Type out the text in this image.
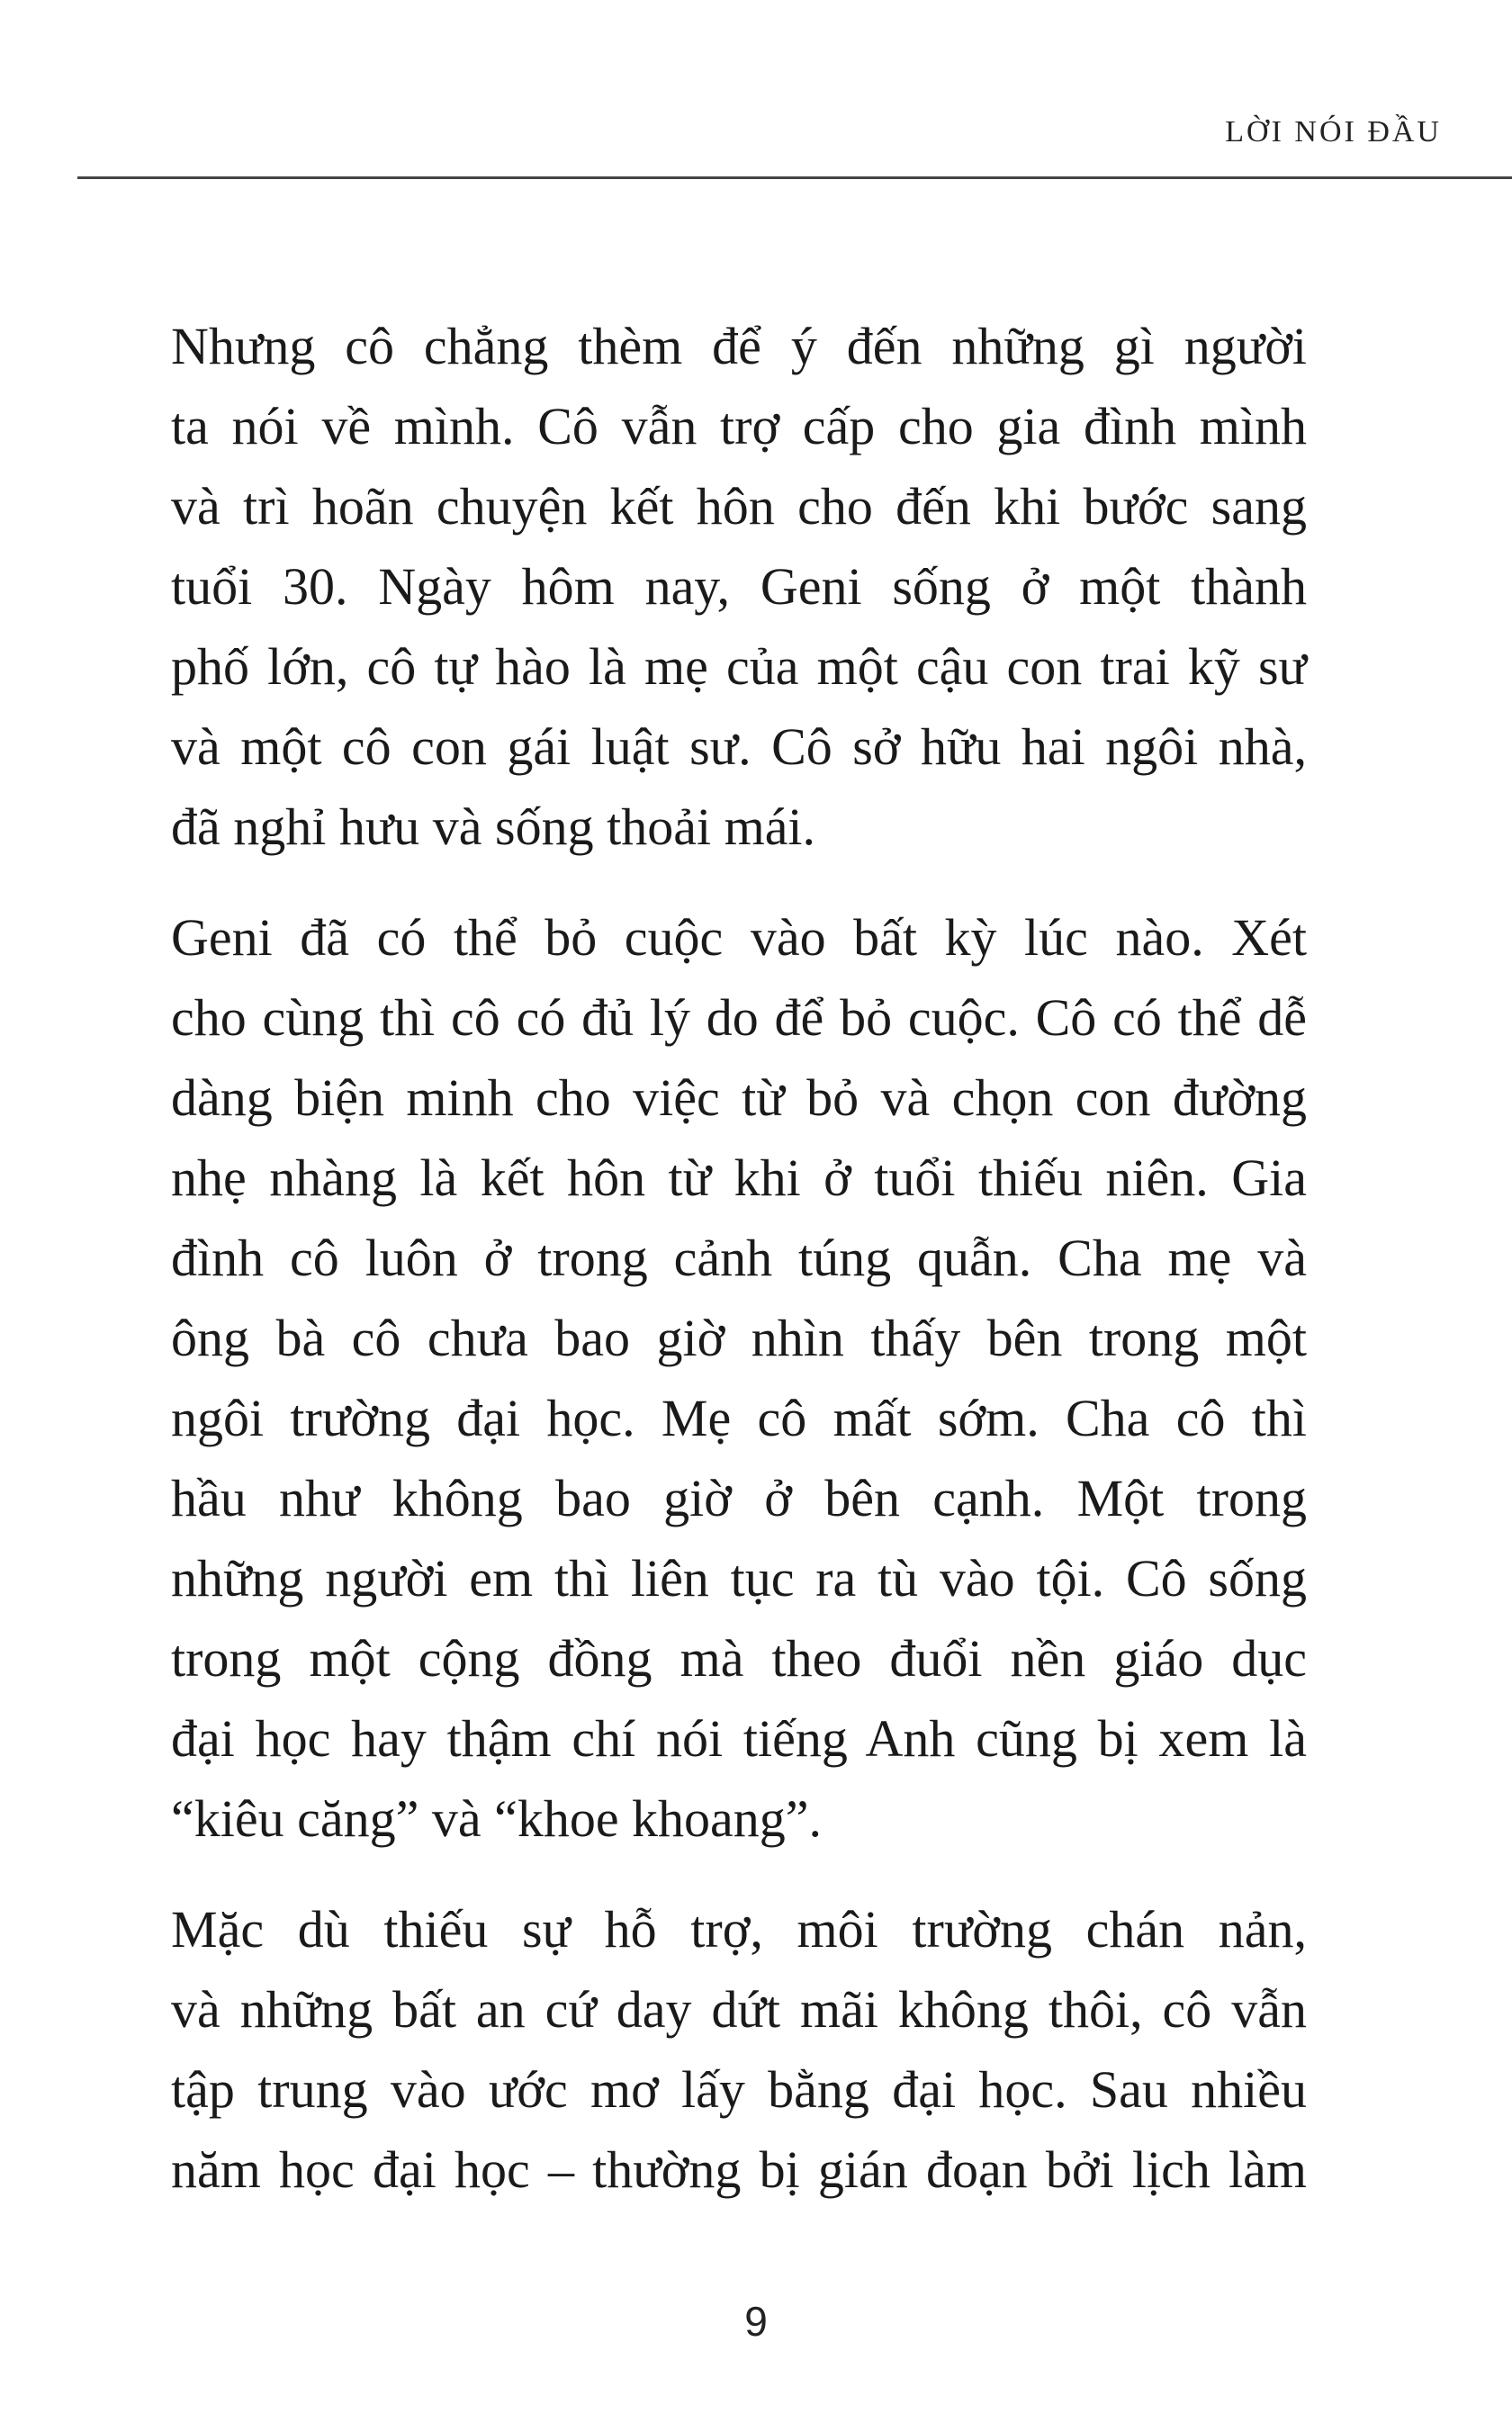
LỜI NÓI ĐẦU

Nhưng cô chẳng thèm để ý đến những gì người
ta nói về mình. Cô vẫn trợ cấp cho gia đình mình
và trì hoãn chuyện kết hôn cho đến khi bước sang
tuổi 30. Ngày hôm nay, Geni sống ở một thành
phố lớn, cô tự hào là mẹ của một cậu con trai kỹ sư
và một cô con gái luật sư. Cô sở hữu hai ngôi nhà,
đã nghỉ hưu và sống thoải mái.

Geni đã có thể bỏ cuộc vào bất kỳ lúc nào. Xét
cho cùng thì cô có đủ lý do để bỏ cuộc. Cô có thể dễ
dàng biện minh cho việc từ bỏ và chọn con đường
nhẹ nhàng là kết hôn từ khi ở tuổi thiếu niên. Gia
đình cô luôn ở trong cảnh túng quẫn. Cha mẹ và
ông bà cô chưa bao giờ nhìn thấy bên trong một
ngôi trường đại học. Mẹ cô mất sớm. Cha cô thì
hầu như không bao giờ ở bên cạnh. Một trong
những người em thì liên tục ra tù vào tội. Cô sống
trong một cộng đồng mà theo đuổi nền giáo dục
đại học hay thậm chí nói tiếng Anh cũng bị xem là
“kiêu căng” và “khoe khoang”.

Mặc dù thiếu sự hỗ trợ, môi trường chán nản,
và những bất an cứ day dứt mãi không thôi, cô vẫn
tập trung vào ước mơ lấy bằng đại học. Sau nhiều
năm học đại học – thường bị gián đoạn bởi lịch làm

9
